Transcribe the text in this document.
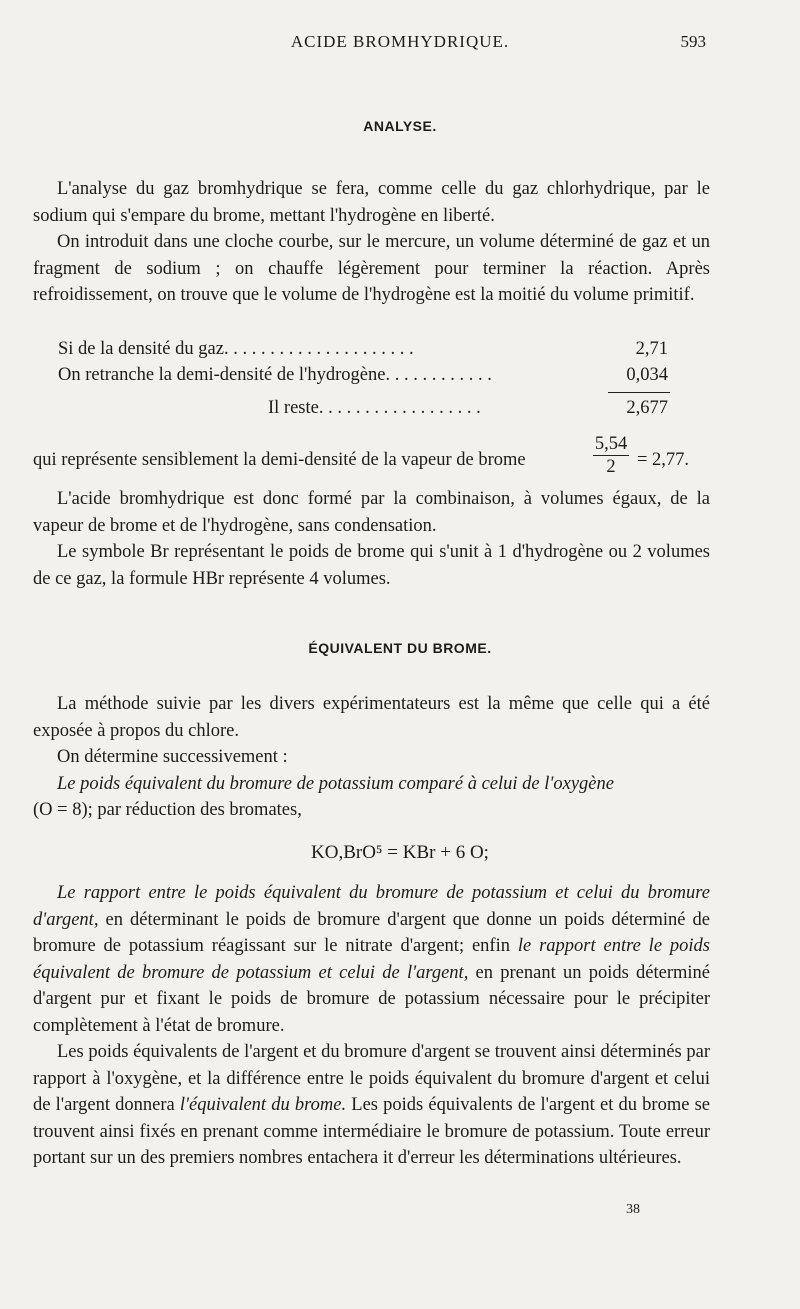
ACIDE BROMHYDRIQUE.	593
ANALYSE.

L'analyse du gaz bromhydrique se fera, comme celle du gaz chlorhydrique, par le sodium qui s'empare du brome, mettant l'hydrogène en liberté.

On introduit dans une cloche courbe, sur le mercure, un volume déterminé de gaz et un fragment de sodium ; on chauffe légèrement pour terminer la réaction. Après refroidissement, on trouve que le volume de l'hydrogène est la moitié du volume primitif.

Si de la densité du gaz. . . . . . . . . . . . . . . . . . . . .	2,71
On retranche la demi-densité de l'hydrogène. . . . . . . . . . . .	0,034
Il reste. . . . . . . . . . . . . . . . . .	2,677
qui représente sensiblement la demi-densité de la vapeur de brome	$\frac{5,54}{2} = 2,77$.

L'acide bromhydrique est donc formé par la combinaison, à volumes égaux, de la vapeur de brome et de l'hydrogène, sans condensation.

Le symbole Br représentant le poids de brome qui s'unit à 1 d'hydrogène ou 2 volumes de ce gaz, la formule HBr représente 4 volumes.

ÉQUIVALENT DU BROME.

La méthode suivie par les divers expérimentateurs est la même que celle qui a été exposée à propos du chlore.

On détermine successivement :

Le poids équivalent du bromure de potassium comparé à celui de l'oxygène

(O = 8); par réduction des bromates,

KO,BrO⁵ = KBr + 6 O;

Le rapport entre le poids équivalent du bromure de potassium et celui du bromure d'argent, en déterminant le poids de bromure d'argent que donne un poids déterminé de bromure de potassium réagissant sur le nitrate d'argent; enfin le rapport entre le poids équivalent de bromure de potassium et celui de l'argent, en prenant un poids déterminé d'argent pur et fixant le poids de bromure de potassium nécessaire pour le précipiter complètement à l'état de bromure.

Les poids équivalents de l'argent et du bromure d'argent se trouvent ainsi déterminés par rapport à l'oxygène, et la différence entre le poids équivalent du bromure d'argent et celui de l'argent donnera l'équivalent du brome. Les poids équivalents de l'argent et du brome se trouvent ainsi fixés en prenant comme intermédiaire le bromure de potassium. Toute erreur portant sur un des premiers nombres entachera it d'erreur les déterminations ultérieures.

38
